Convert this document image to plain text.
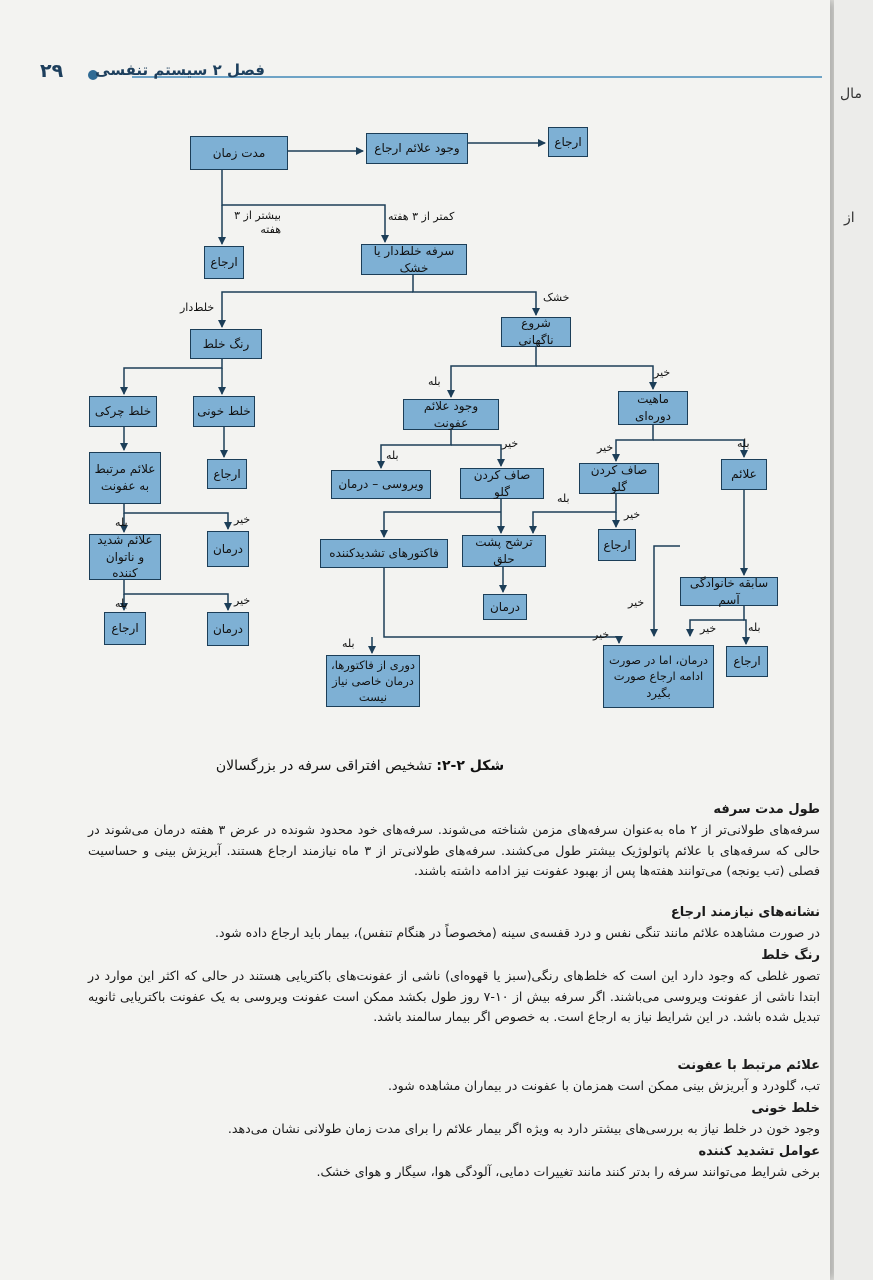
۲۹	فصل ۲ سیستم تنفسی
مدت زمان	وجود علائم ارجاع	ارجاع
ارجاع
سرفه خلط‌دار یا خشک
رنگ خلط
شروع ناگهانی
خلط چرکی	خلط خونی	وجود علائم عفونت
ماهیت دوره‌ای
ارجاع
علائم مرتبط به عفونت	ویروسی – درمان
صاف کردن گلو
صاف کردن گلو
علائم
علائم شدید و ناتوان کننده
درمان	فاکتورهای تشدیدکننده
ترشح پشت حلق
ارجاع
درمان
سابقه خانوادگی آسم
ارجاع	درمان
درمان، اما در صورت ادامه ارجاع صورت بگیرد
ارجاع
دوری از فاکتورها، درمان خاصی نیاز نیست
بیشتر از ۳ هفته
کمتر از ۳ هفته
خلط‌دار
خشک
بله
خیر
بله
خیر	خیر	بله
بله
خیر
بله	خیر
بله	خیر	خیر
بله
بله
خیر	خیر
شکل ۲-۲: تشخیص افتراقی سرفه در بزرگسالان
طول مدت سرفه

سرفه‌های طولانی‌تر از ۲ ماه به‌عنوان سرفه‌های مزمن شناخته می‌شوند. سرفه‌های خود محدود شونده در عرض ۳ هفته درمان می‌شوند در حالی که سرفه‌های با علائم پاتولوژیک بیشتر طول می‌کشند. سرفه‌های طولانی‌تر از ۳ ماه نیازمند ارجاع هستند. آبریزش بینی و حساسیت فصلی (تب یونجه) می‌توانند هفته‌ها پس از بهبود عفونت نیز ادامه داشته باشند.

نشانه‌های نیازمند ارجاع

در صورت مشاهده علائم مانند تنگی نفس و درد قفسه‌ی سینه (مخصوصاً در هنگام تنفس)، بیمار باید ارجاع داده شود.

رنگ خلط

تصور غلطی که وجود دارد این است که خلط‌های رنگی(سبز یا قهوه‌ای) ناشی از عفونت‌های باکتریایی هستند در حالی که اکثر این موارد در ابتدا ناشی از عفونت ویروسی می‌باشند. اگر سرفه بیش از ۱۰-۷ روز طول بکشد ممکن است عفونت ویروسی به یک عفونت باکتریایی ثانویه تبدیل شده باشد. در این شرایط نیاز به ارجاع است. به خصوص اگر بیمار سالمند باشد.

علائم مرتبط با عفونت

تب، گلودرد و آبریزش بینی ممکن است همزمان با عفونت در بیماران مشاهده شود.

خلط خونی

وجود خون در خلط نیاز به بررسی‌های بیشتر دارد به ویژه اگر بیمار علائم را برای مدت زمان طولانی نشان می‌دهد.

عوامل تشدید کننده

برخی شرایط می‌توانند سرفه را بدتر کنند مانند تغییرات دمایی، آلودگی هوا، سیگار و هوای خشک.

مال
از
